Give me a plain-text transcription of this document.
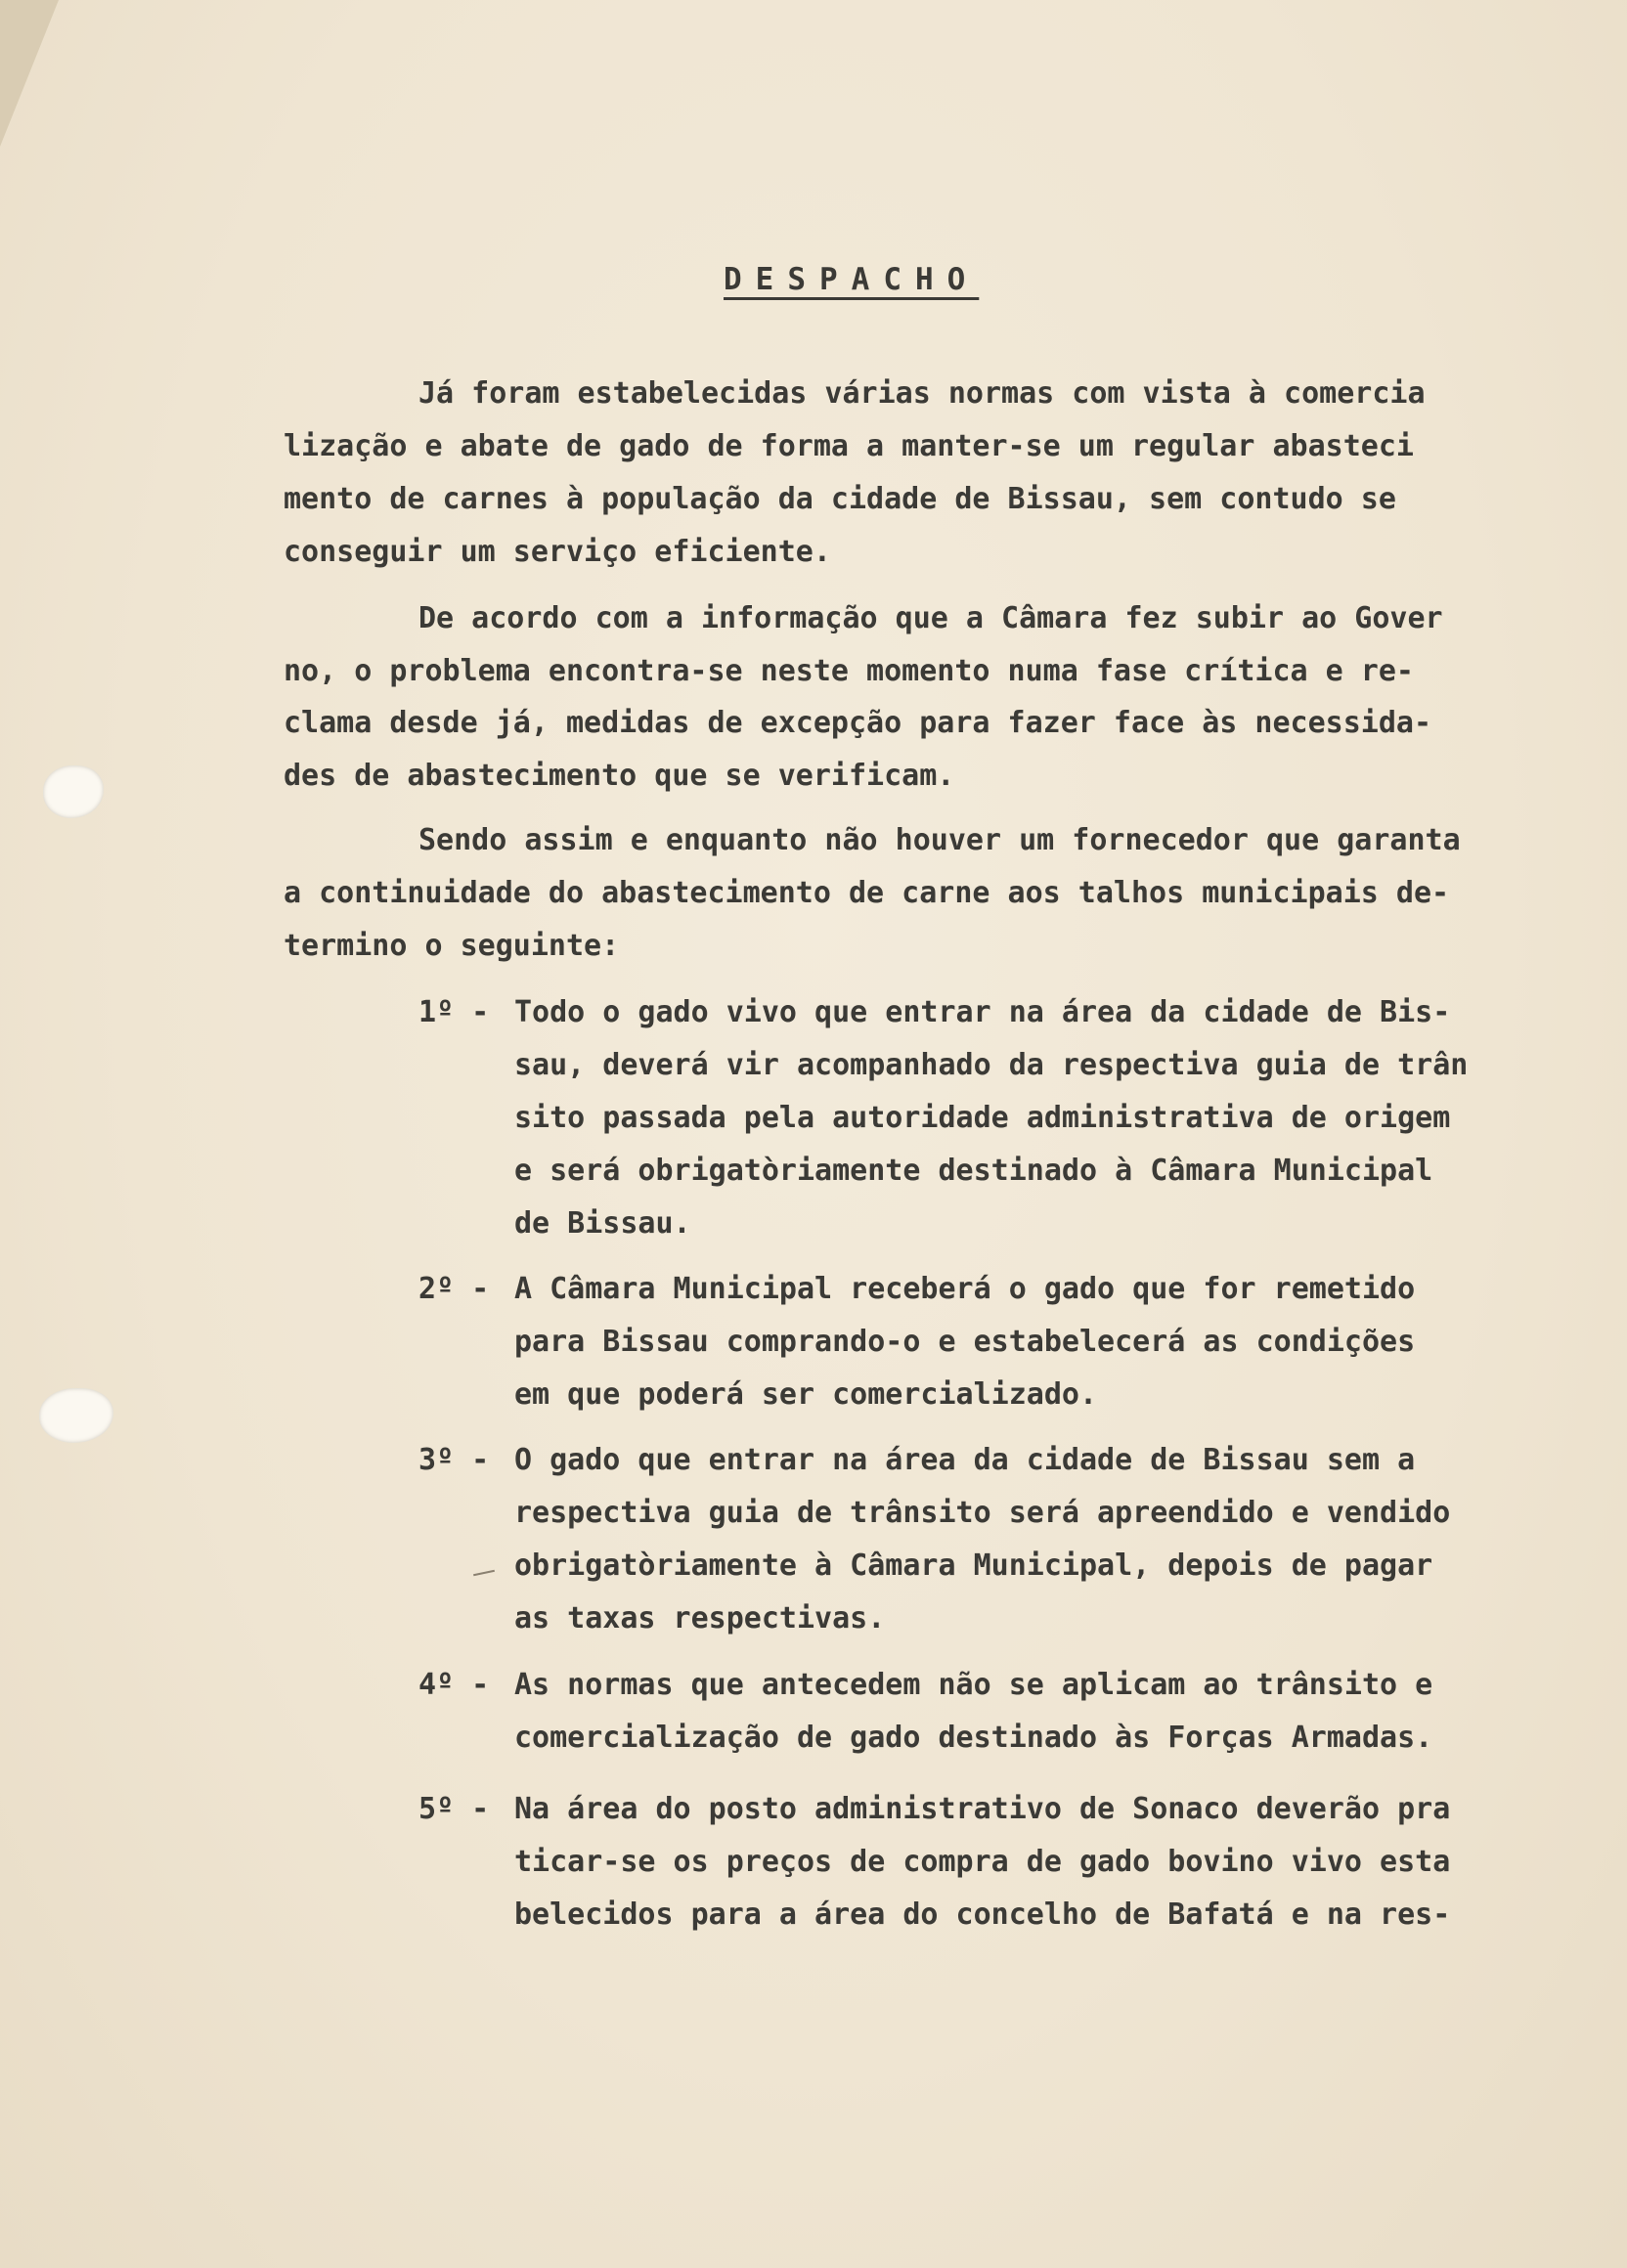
DESPACHO
Já foram estabelecidas várias normas com vista à comercia
lização e abate de gado de forma a manter-se um regular abasteci
mento de carnes à população da cidade de Bissau, sem contudo se
conseguir um serviço eficiente.
De acordo com a informação que a Câmara fez subir ao Gover
no, o problema encontra-se neste momento numa fase crítica e re-
clama desde já, medidas de excepção para fazer face às necessida-
des de abastecimento que se verificam.
Sendo assim e enquanto não houver um fornecedor que garanta
a continuidade do abastecimento de carne aos talhos municipais de-
termino o seguinte:
1º - Todo o gado vivo que entrar na área da cidade de Bis-
sau, deverá vir acompanhado da respectiva guia de trân
sito passada pela autoridade administrativa de origem
e será obrigatòriamente destinado à Câmara Municipal
de Bissau.
2º - A Câmara Municipal receberá o gado que for remetido
para Bissau comprando-o e estabelecerá as condições
em que poderá ser comercializado.
3º - O gado que entrar na área da cidade de Bissau sem a
respectiva guia de trânsito será apreendido e vendido
obrigatòriamente à Câmara Municipal, depois de pagar
as taxas respectivas.
4º - As normas que antecedem não se aplicam ao trânsito e
comercialização de gado destinado às Forças Armadas.
5º - Na área do posto administrativo de Sonaco deverão pra
ticar-se os preços de compra de gado bovino vivo esta
belecidos para a área do concelho de Bafatá e na res-
